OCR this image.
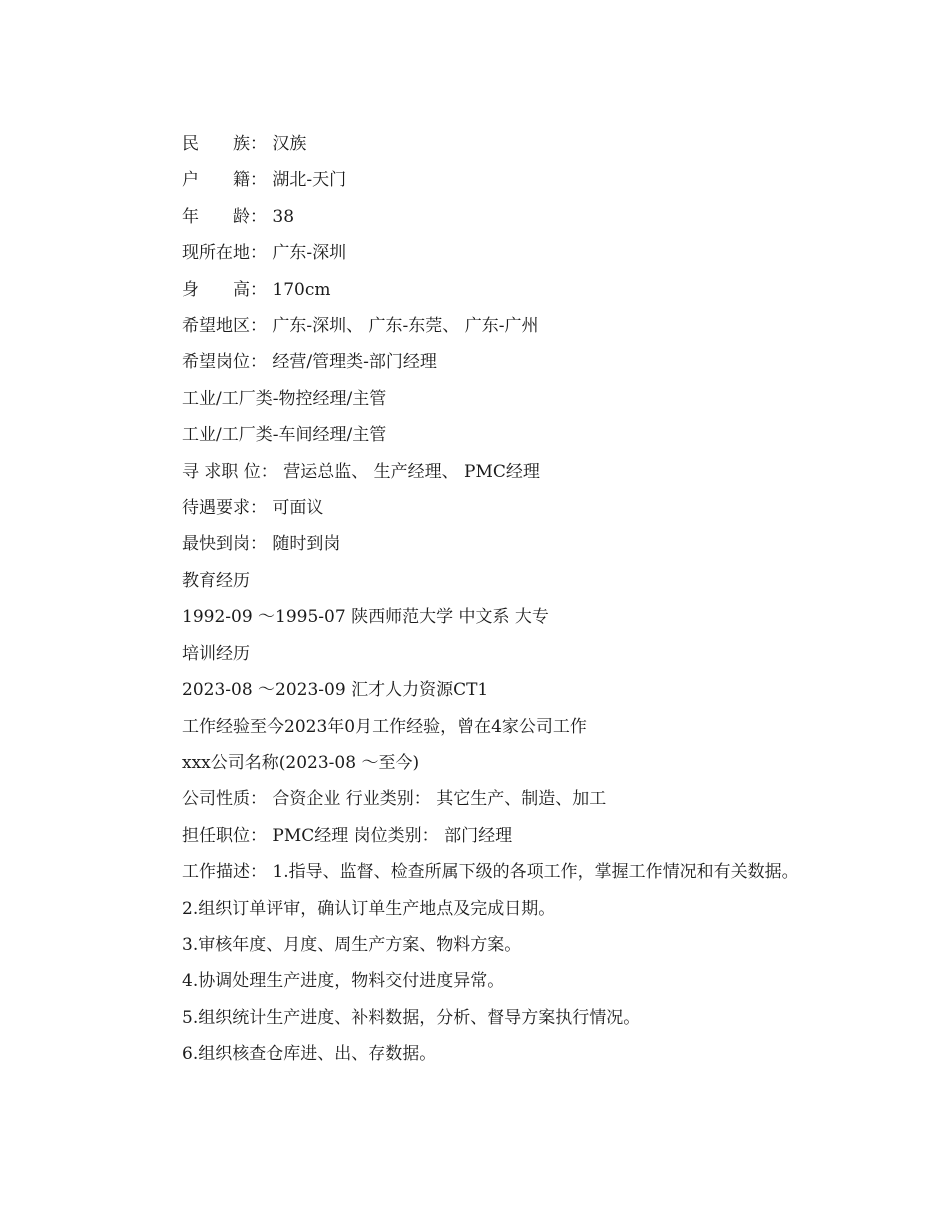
民　　族： 汉族
户　　籍： 湖北-天门
年　　龄： 38
现所在地： 广东-深圳
身　　高： 170cm
希望地区： 广东-深圳、 广东-东莞、 广东-广州
希望岗位： 经营/管理类-部门经理
工业/工厂类-物控经理/主管
工业/工厂类-车间经理/主管
寻 求职 位： 营运总监、 生产经理、 PMC经理
待遇要求： 可面议
最快到岗： 随时到岗
教育经历
1992-09 ～1995-07 陕西师范大学 中文系 大专
培训经历
2023-08 ～2023-09 汇才人力资源CT1
工作经验至今2023年0月工作经验，曾在4家公司工作
xxx公司名称(2023-08 ～至今)
公司性质： 合资企业 行业类别： 其它生产、制造、加工
担任职位： PMC经理 岗位类别： 部门经理
工作描述： 1.指导、监督、检查所属下级的各项工作，掌握工作情况和有关数据。
2.组织订单评审，确认订单生产地点及完成日期。
3.审核年度、月度、周生产方案、物料方案。
4.协调处理生产进度，物料交付进度异常。
5.组织统计生产进度、补料数据，分析、督导方案执行情况。
6.组织核查仓库进、出、存数据。
